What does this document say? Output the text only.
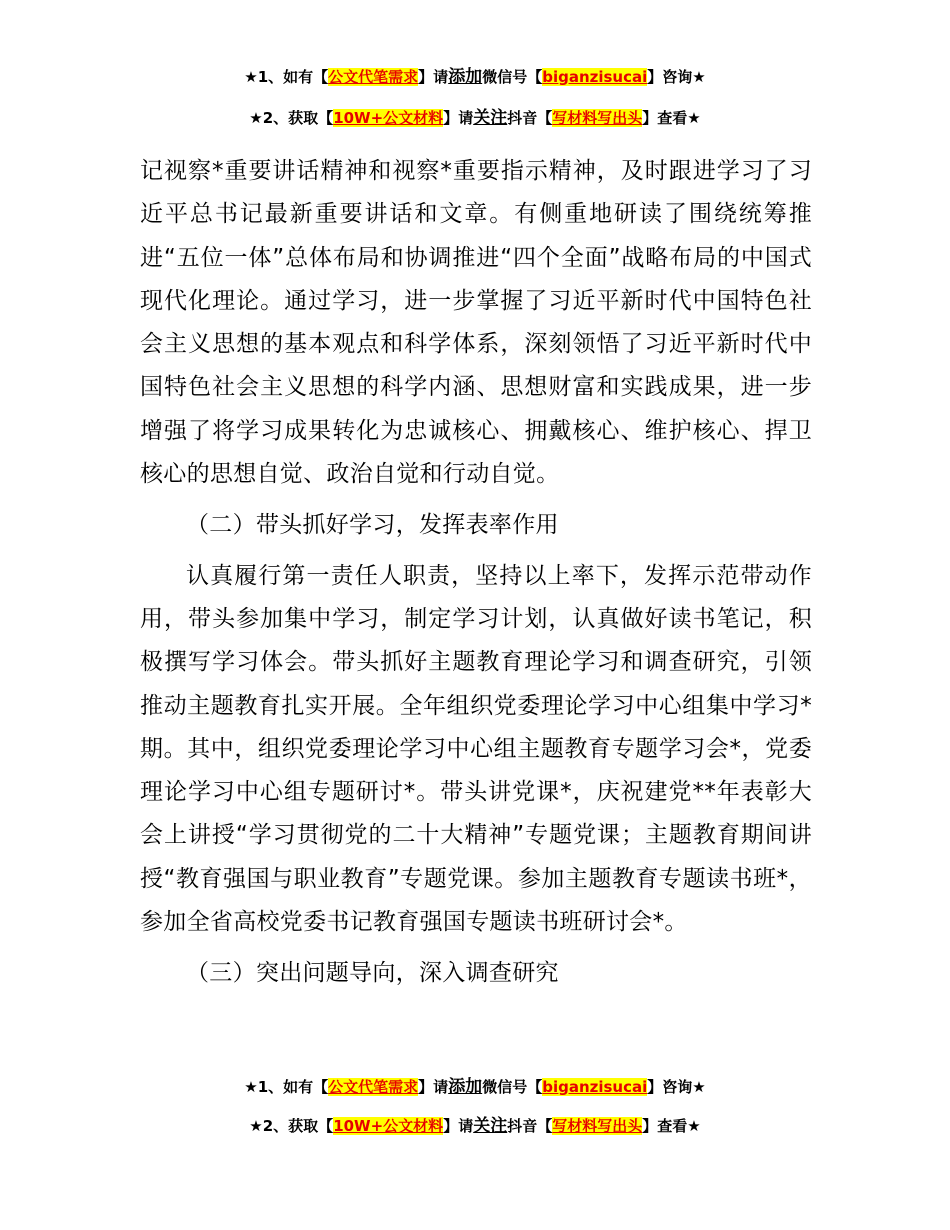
★1、如有【公文代笔需求】请添加微信号【biganzisucai】咨询★
★2、获取【10W+公文材料】请关注抖音【写材料写出头】查看★

记视察*重要讲话精神和视察*重要指示精神，及时跟进学习了习近平总书记最新重要讲话和文章。有侧重地研读了围绕统筹推进“五位一体”总体布局和协调推进“四个全面”战略布局的中国式现代化理论。通过学习，进一步掌握了习近平新时代中国特色社会主义思想的基本观点和科学体系，深刻领悟了习近平新时代中国特色社会主义思想的科学内涵、思想财富和实践成果，进一步增强了将学习成果转化为忠诚核心、拥戴核心、维护核心、捍卫核心的思想自觉、政治自觉和行动自觉。

（二）带头抓好学习，发挥表率作用

认真履行第一责任人职责，坚持以上率下，发挥示范带动作用，带头参加集中学习，制定学习计划，认真做好读书笔记，积极撰写学习体会。带头抓好主题教育理论学习和调查研究，引领推动主题教育扎实开展。全年组织党委理论学习中心组集中学习*期。其中，组织党委理论学习中心组主题教育专题学习会*，党委理论学习中心组专题研讨*。带头讲党课*，庆祝建党**年表彰大会上讲授“学习贯彻党的二十大精神”专题党课；主题教育期间讲授“教育强国与职业教育”专题党课。参加主题教育专题读书班*，参加全省高校党委书记教育强国专题读书班研讨会*。

（三）突出问题导向，深入调查研究

★1、如有【公文代笔需求】请添加微信号【biganzisucai】咨询★
★2、获取【10W+公文材料】请关注抖音【写材料写出头】查看★
